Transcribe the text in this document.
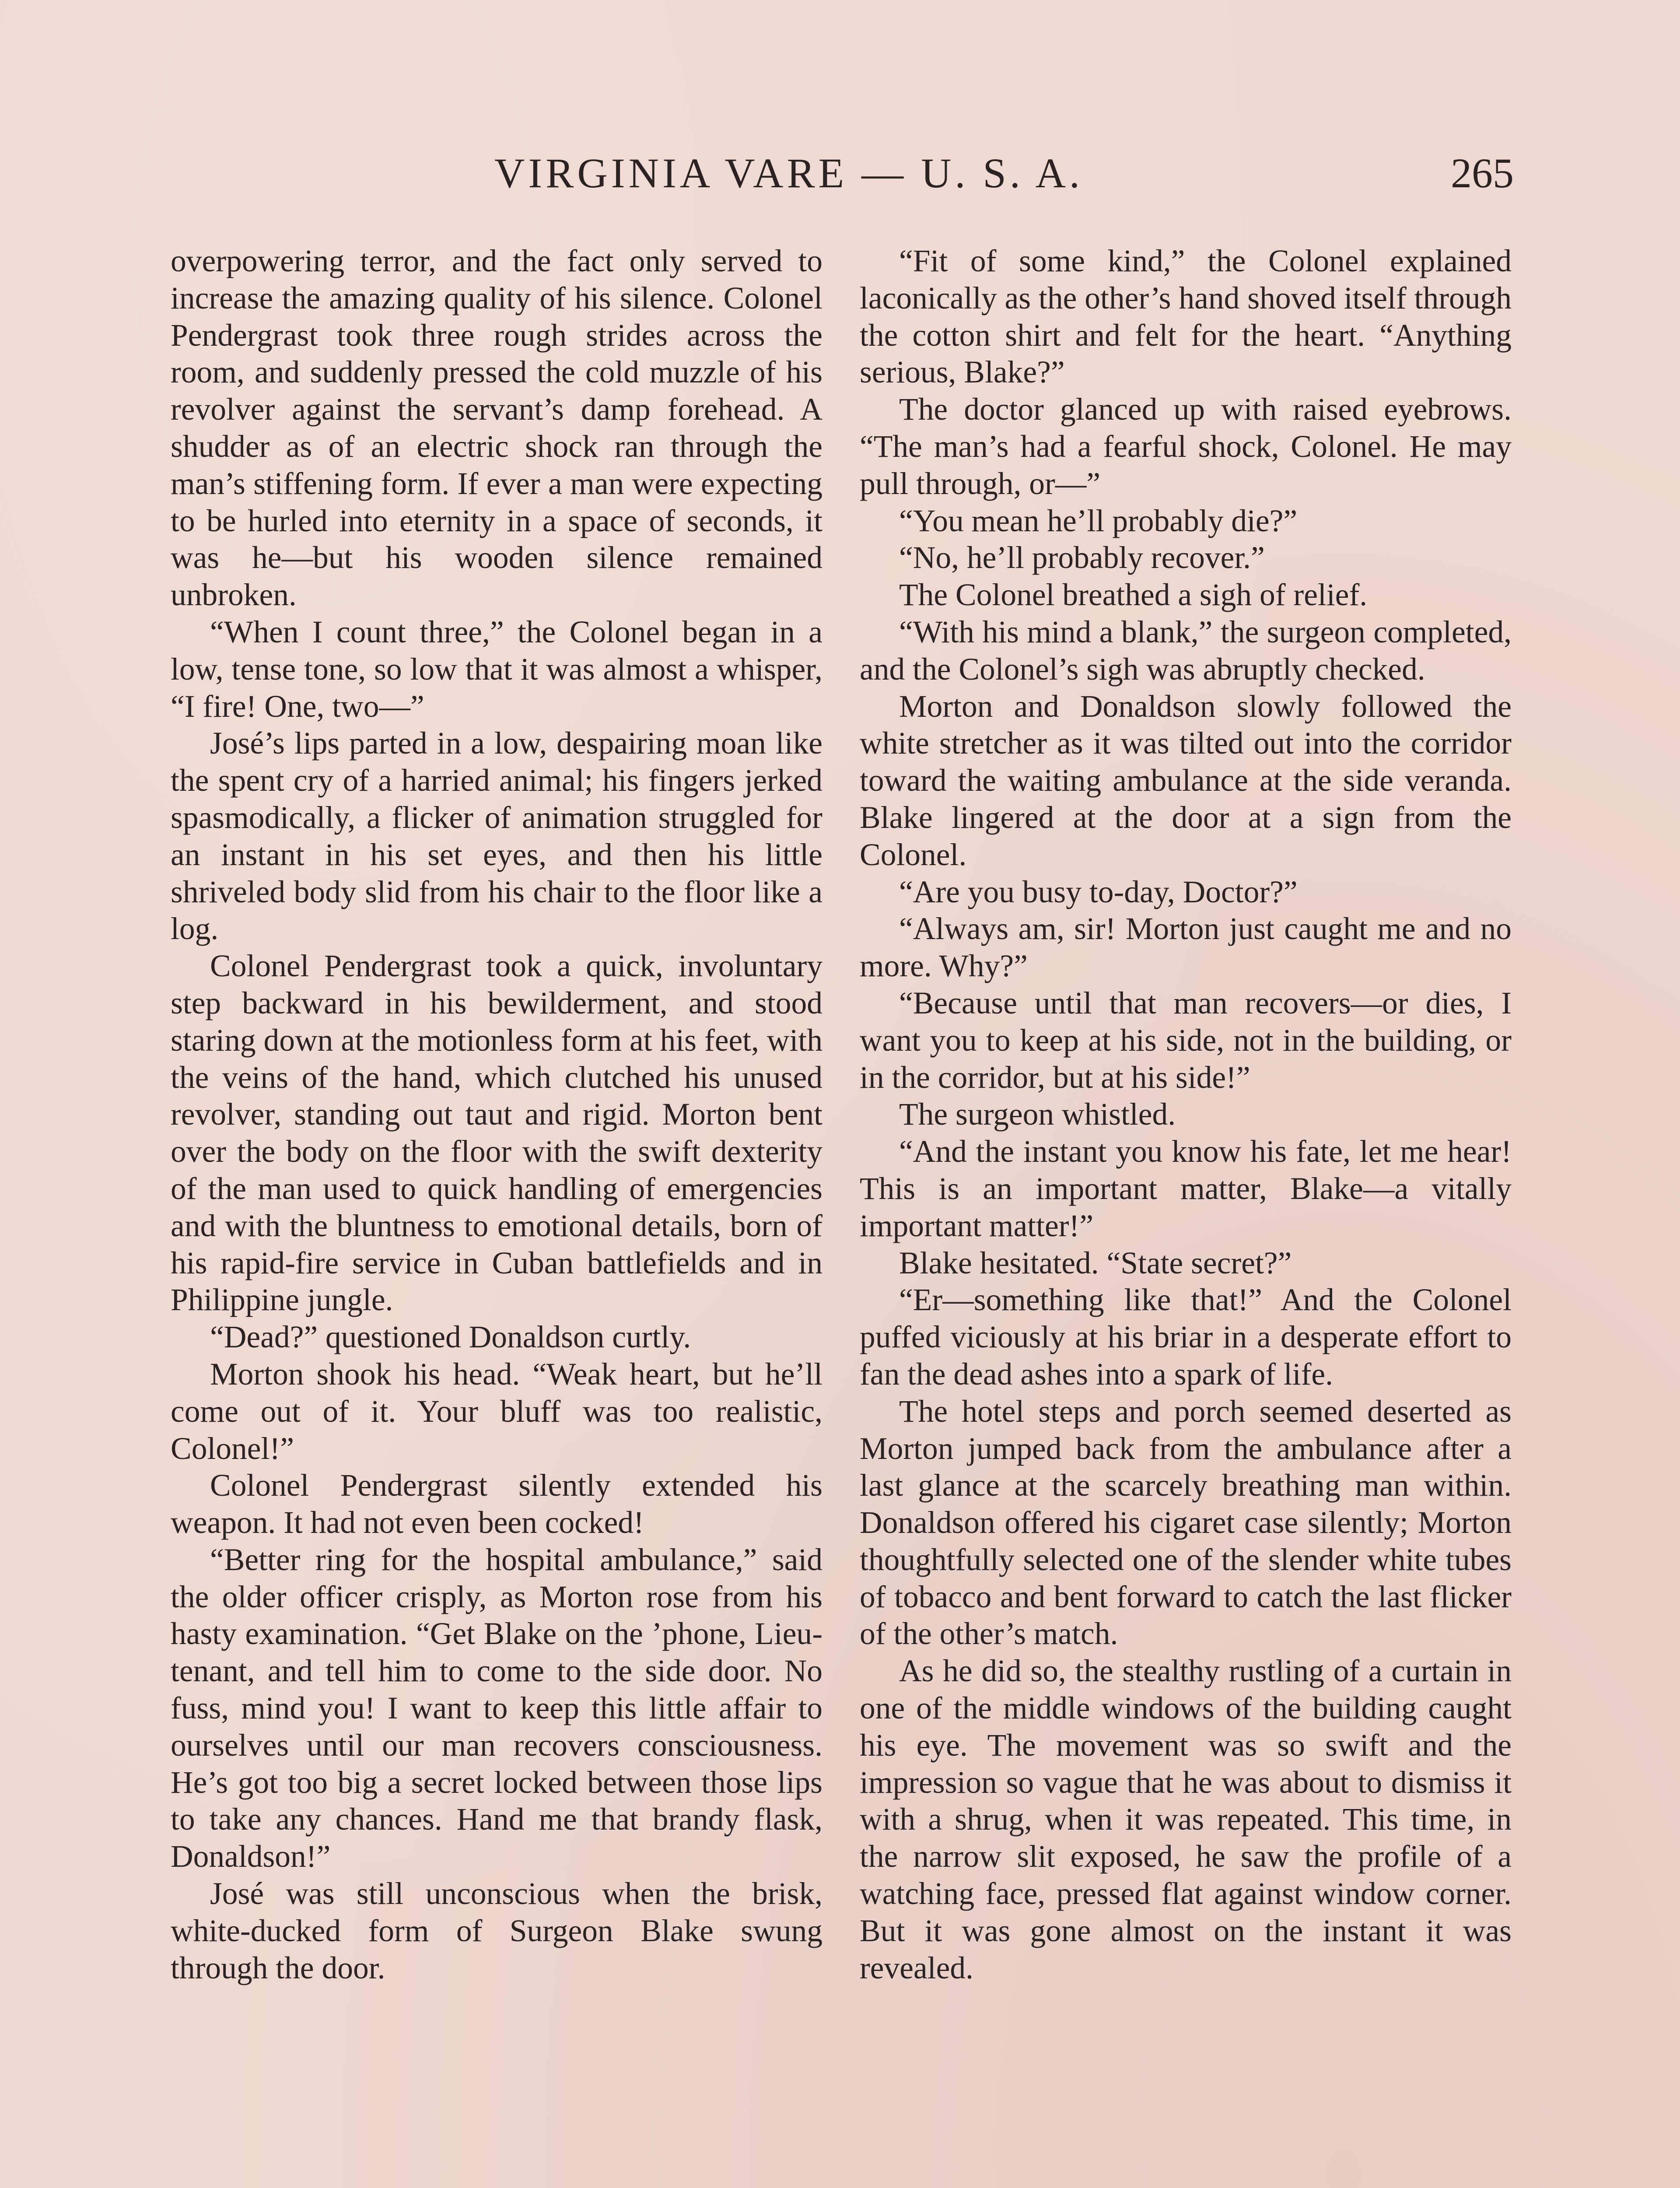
VIRGINIA VARE — U. S. A.	265

overpowering terror, and the fact only served to increase the amazing quality of his silence. Colonel Pendergrast took three rough strides across the room, and suddenly pressed the cold muzzle of his revolver against the servant’s damp forehead. A shudder as of an electric shock ran through the man’s stiffening form. If ever a man were expecting to be hurled into eternity in a space of seconds, it was he—but his wooden silence remained unbroken.

“When I count three,” the Colonel began in a low, tense tone, so low that it was almost a whisper, “I fire! One, two—”

José’s lips parted in a low, despairing moan like the spent cry of a harried animal; his fingers jerked spasmodically, a flicker of animation struggled for an instant in his set eyes, and then his little shriveled body slid from his chair to the floor like a log.

Colonel Pendergrast took a quick, involuntary step backward in his bewilderment, and stood staring down at the motionless form at his feet, with the veins of the hand, which clutched his unused revolver, standing out taut and rigid. Morton bent over the body on the floor with the swift dexterity of the man used to quick handling of emergencies and with the bluntness to emotional details, born of his rapid-fire service in Cuban battlefields and in Philippine jungle.

“Dead?” questioned Donaldson curtly.

Morton shook his head. “Weak heart, but he’ll come out of it. Your bluff was too realistic, Colonel!”

Colonel Pendergrast silently extended his weapon. It had not even been cocked!

“Better ring for the hospital ambulance,” said the older officer crisply, as Morton rose from his hasty examination. “Get Blake on the ’phone, Lieutenant, and tell him to come to the side door. No fuss, mind you! I want to keep this little affair to ourselves until our man recovers consciousness. He’s got too big a secret locked between those lips to take any chances. Hand me that brandy flask, Donaldson!”

José was still unconscious when the brisk, white-ducked form of Surgeon Blake swung through the door.

“Fit of some kind,” the Colonel explained laconically as the other’s hand shoved itself through the cotton shirt and felt for the heart. “Anything serious, Blake?”

The doctor glanced up with raised eyebrows. “The man’s had a fearful shock, Colonel. He may pull through, or—”

“You mean he’ll probably die?”

“No, he’ll probably recover.”

The Colonel breathed a sigh of relief.

“With his mind a blank,” the surgeon completed, and the Colonel’s sigh was abruptly checked.

Morton and Donaldson slowly followed the white stretcher as it was tilted out into the corridor toward the waiting ambulance at the side veranda. Blake lingered at the door at a sign from the Colonel.

“Are you busy to-day, Doctor?”

“Always am, sir! Morton just caught me and no more. Why?”

“Because until that man recovers—or dies, I want you to keep at his side, not in the building, or in the corridor, but at his side!”

The surgeon whistled.

“And the instant you know his fate, let me hear! This is an important matter, Blake—a vitally important matter!”

Blake hesitated. “State secret?”

“Er—something like that!” And the Colonel puffed viciously at his briar in a desperate effort to fan the dead ashes into a spark of life.

The hotel steps and porch seemed deserted as Morton jumped back from the ambulance after a last glance at the scarcely breathing man within. Donaldson offered his cigaret case silently; Morton thoughtfully selected one of the slender white tubes of tobacco and bent forward to catch the last flicker of the other’s match.

As he did so, the stealthy rustling of a curtain in one of the middle windows of the building caught his eye. The movement was so swift and the impression so vague that he was about to dismiss it with a shrug, when it was repeated. This time, in the narrow slit exposed, he saw the profile of a watching face, pressed flat against window corner. But it was gone almost on the instant it was revealed.
